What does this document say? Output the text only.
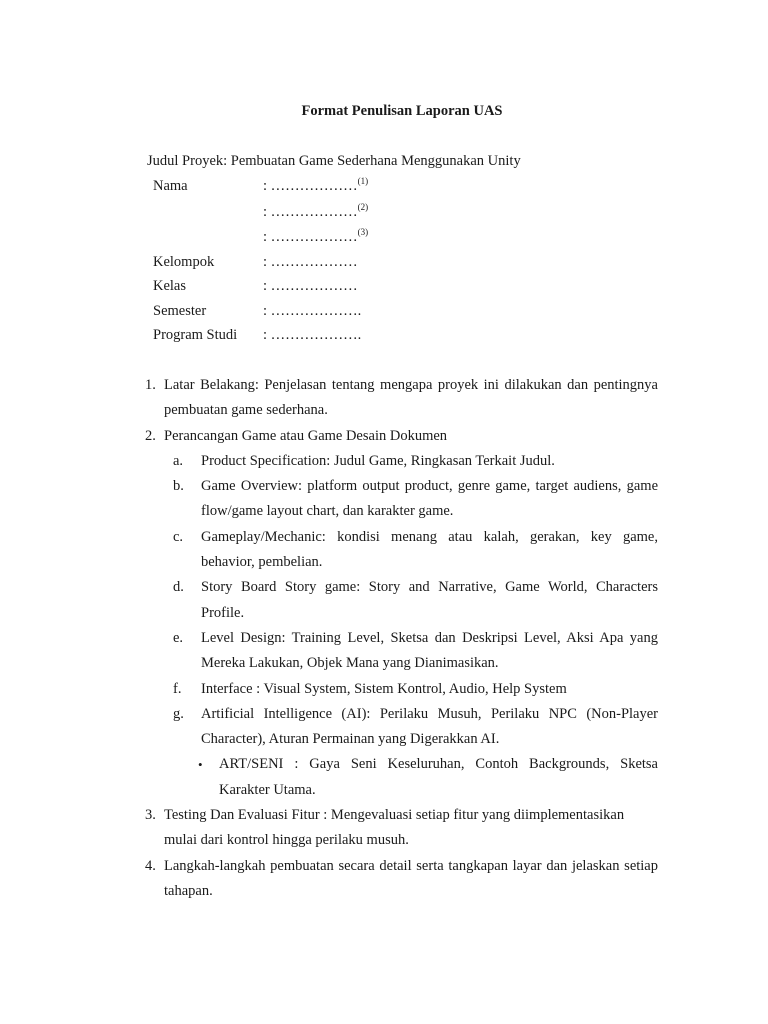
Format Penulisan Laporan UAS
Judul Proyek: Pembuatan Game Sederhana Menggunakan Unity
Nama	: ………………$^{(1)}$
: ………………$^{(2)}$
: ………………$^{(3)}$
Kelompok	: ………………
Kelas	: ………………
Semester	: ……………….
Program Studi : ……………….
1. Latar Belakang: Penjelasan tentang mengapa proyek ini dilakukan dan pentingnya pembuatan game sederhana.
2. Perancangan Game atau Game Desain Dokumen
a. Product Specification: Judul Game, Ringkasan Terkait Judul.
b. Game Overview: platform output product, genre game, target audiens, game flow/game layout chart, dan karakter game.
c. Gameplay/Mechanic: kondisi menang atau kalah, gerakan, key game, behavior, pembelian.
d. Story Board Story game: Story and Narrative, Game World, Characters Profile.
e. Level Design: Training Level, Sketsa dan Deskripsi Level, Aksi Apa yang Mereka Lakukan, Objek Mana yang Dianimasikan.
f. Interface : Visual System, Sistem Kontrol, Audio, Help System
g. Artificial Intelligence (AI): Perilaku Musuh, Perilaku NPC (Non-Player Character), Aturan Permainan yang Digerakkan AI.
• ART/SENI : Gaya Seni Keseluruhan, Contoh Backgrounds, Sketsa Karakter Utama.
3. Testing Dan Evaluasi Fitur : Mengevaluasi setiap fitur yang diimplementasikan mulai dari kontrol hingga perilaku musuh.
4. Langkah-langkah pembuatan secara detail serta tangkapan layar dan jelaskan setiap tahapan.
